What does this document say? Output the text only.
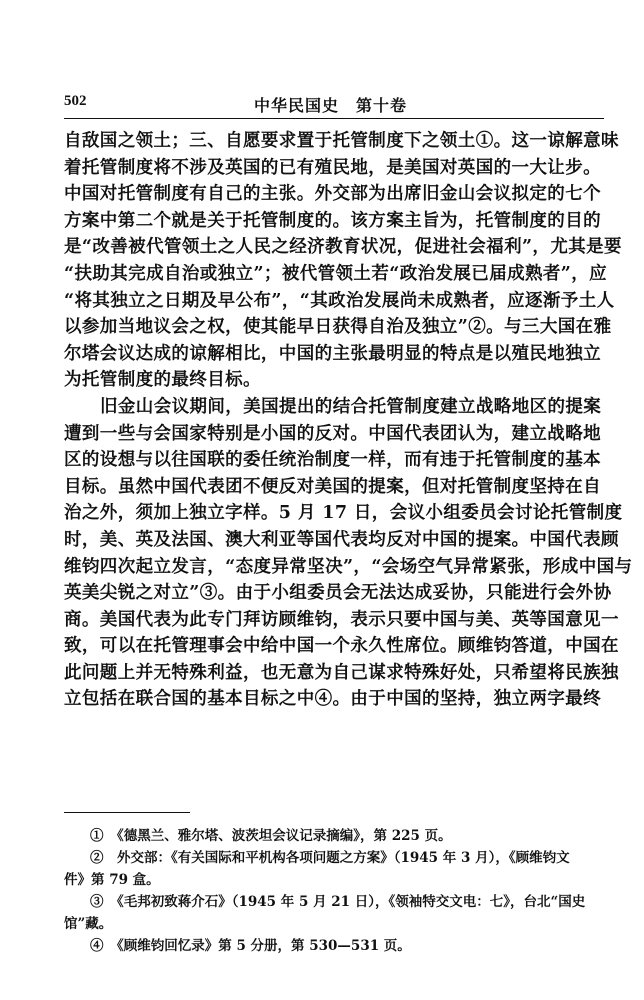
502	中华民国史　第十卷
自敌国之领土；三、自愿要求置于托管制度下之领土①。这一谅解意味
着托管制度将不涉及英国的已有殖民地，是美国对英国的一大让步。
中国对托管制度有自己的主张。外交部为出席旧金山会议拟定的七个
方案中第二个就是关于托管制度的。该方案主旨为，托管制度的目的
是“改善被代管领土之人民之经济教育状况，促进社会福利”，尤其是要
“扶助其完成自治或独立”；被代管领土若“政治发展已届成熟者”，应
“将其独立之日期及早公布”，“其政治发展尚未成熟者，应逐渐予土人
以参加当地议会之权，使其能早日获得自治及独立”②。与三大国在雅
尔塔会议达成的谅解相比，中国的主张最明显的特点是以殖民地独立
为托管制度的最终目标。
旧金山会议期间，美国提出的结合托管制度建立战略地区的提案
遭到一些与会国家特别是小国的反对。中国代表团认为，建立战略地
区的设想与以往国联的委任统治制度一样，而有违于托管制度的基本
目标。虽然中国代表团不便反对美国的提案，但对托管制度坚持在自
治之外，须加上独立字样。5 月 17 日，会议小组委员会讨论托管制度
时，美、英及法国、澳大利亚等国代表均反对中国的提案。中国代表顾
维钧四次起立发言，“态度异常坚决”，“会场空气异常紧张，形成中国与
英美尖锐之对立”③。由于小组委员会无法达成妥协，只能进行会外协
商。美国代表为此专门拜访顾维钧，表示只要中国与美、英等国意见一
致，可以在托管理事会中给中国一个永久性席位。顾维钧答道，中国在
此问题上并无特殊利益，也无意为自己谋求特殊好处，只希望将民族独
立包括在联合国的基本目标之中④。由于中国的坚持，独立两字最终
①　《德黑兰、雅尔塔、波茨坦会议记录摘编》，第 225 页。
②　外交部：《有关国际和平机构各项问题之方案》（1945 年 3 月），《顾维钧文
件》第 79 盒。
③　《毛邦初致蒋介石》（1945 年 5 月 21 日），《领袖特交文电：七》，台北“国史
馆”藏。
④　《顾维钧回忆录》第 5 分册，第 530—531 页。
